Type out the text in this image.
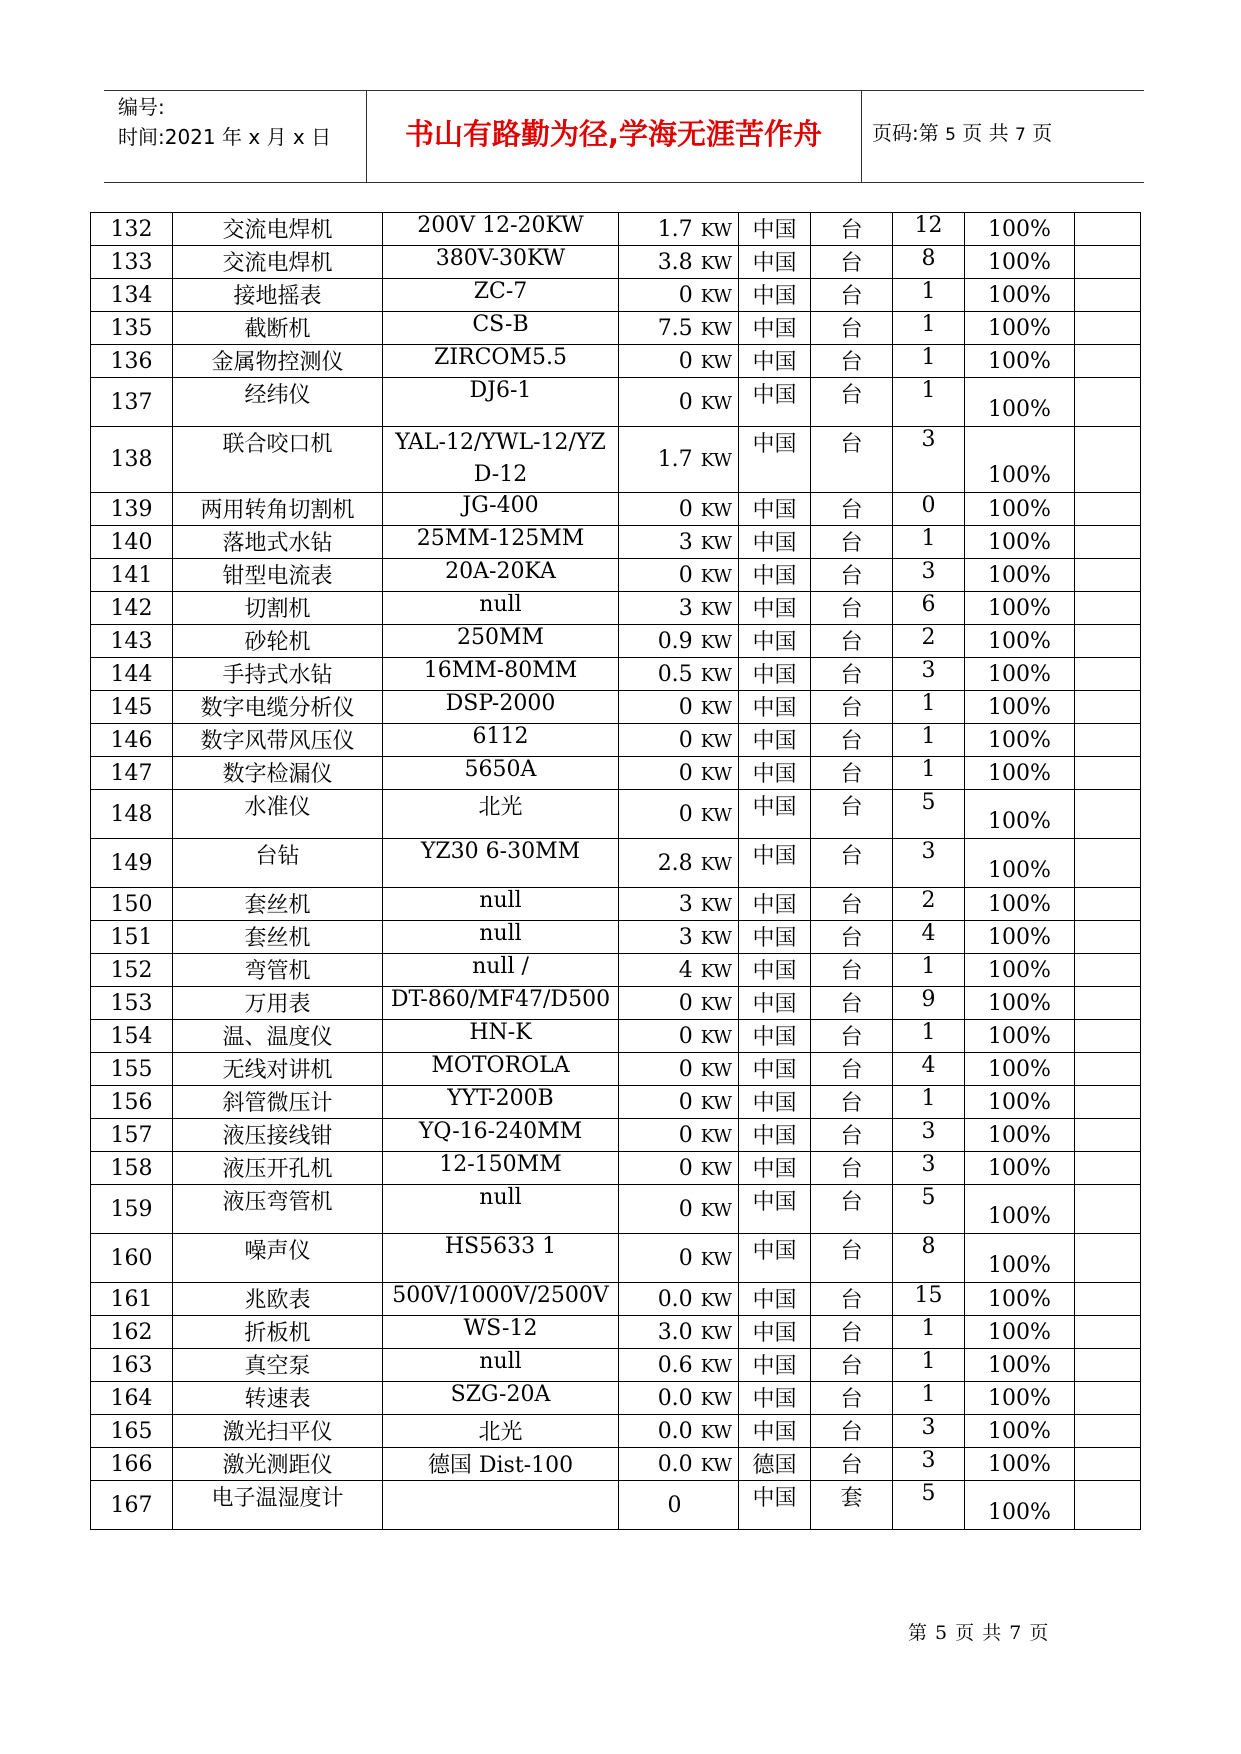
编号:
时间:2021 年 x 月 x 日	书山有路勤为径,学海无涯苦作舟	页码:第 5 页 共 7 页
132	交流电焊机	200V 12-20KW	1.7 KW	中国	台	12	100%	
133	交流电焊机	380V-30KW	3.8 KW	中国	台	8	100%	
134	接地摇表	ZC-7	0 KW	中国	台	1	100%	
135	截断机	CS-B	7.5 KW	中国	台	1	100%	
136	金属物控测仪	ZIRCOM5.5	0 KW	中国	台	1	100%	
137	经纬仪	DJ6-1	0 KW	中国	台	1	100%	
138	联合咬口机	YAL-12/YWL-12/YZD-12	1.7 KW	中国	台	3	100%	
139	两用转角切割机	JG-400	0 KW	中国	台	0	100%	
140	落地式水钻	25MM-125MM	3 KW	中国	台	1	100%	
141	钳型电流表	20A-20KA	0 KW	中国	台	3	100%	
142	切割机	null	3 KW	中国	台	6	100%	
143	砂轮机	250MM	0.9 KW	中国	台	2	100%	
144	手持式水钻	16MM-80MM	0.5 KW	中国	台	3	100%	
145	数字电缆分析仪	DSP-2000	0 KW	中国	台	1	100%	
146	数字风带风压仪	6112	0 KW	中国	台	1	100%	
147	数字检漏仪	5650A	0 KW	中国	台	1	100%	
148	水准仪	北光	0 KW	中国	台	5	100%	
149	台钻	YZ30 6-30MM	2.8 KW	中国	台	3	100%	
150	套丝机	null	3 KW	中国	台	2	100%	
151	套丝机	null	3 KW	中国	台	4	100%	
152	弯管机	null /	4 KW	中国	台	1	100%	
153	万用表	DT-860/MF47/D500	0 KW	中国	台	9	100%	
154	温、温度仪	HN-K	0 KW	中国	台	1	100%	
155	无线对讲机	MOTOROLA	0 KW	中国	台	4	100%	
156	斜管微压计	YYT-200B	0 KW	中国	台	1	100%	
157	液压接线钳	YQ-16-240MM	0 KW	中国	台	3	100%	
158	液压开孔机	12-150MM	0 KW	中国	台	3	100%	
159	液压弯管机	null	0 KW	中国	台	5	100%	
160	噪声仪	HS5633 1	0 KW	中国	台	8	100%	
161	兆欧表	500V/1000V/2500V	0.0 KW	中国	台	15	100%	
162	折板机	WS-12	3.0 KW	中国	台	1	100%	
163	真空泵	null	0.6 KW	中国	台	1	100%	
164	转速表	SZG-20A	0.0 KW	中国	台	1	100%	
165	激光扫平仪	北光	0.0 KW	中国	台	3	100%	
166	激光测距仪	德国 Dist-100	0.0 KW	德国	台	3	100%	
167	电子温湿度计		0	中国	套	5	100%	
第 5 页 共 7 页
